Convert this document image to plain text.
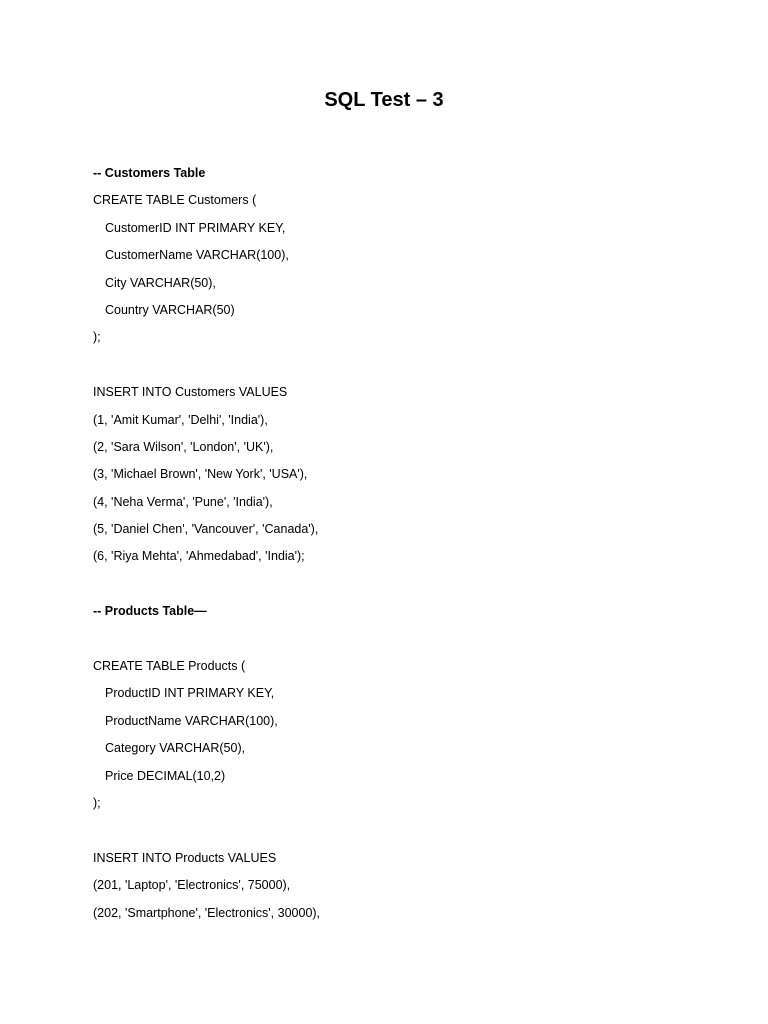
SQL Test – 3
-- Customers Table
CREATE TABLE Customers (
CustomerID INT PRIMARY KEY,
CustomerName VARCHAR(100),
City VARCHAR(50),
Country VARCHAR(50)
);
INSERT INTO Customers VALUES
(1, 'Amit Kumar', 'Delhi', 'India'),
(2, 'Sara Wilson', 'London', 'UK'),
(3, 'Michael Brown', 'New York', 'USA'),
(4, 'Neha Verma', 'Pune', 'India'),
(5, 'Daniel Chen', 'Vancouver', 'Canada'),
(6, 'Riya Mehta', 'Ahmedabad', 'India');
-- Products Table—
CREATE TABLE Products (
ProductID INT PRIMARY KEY,
ProductName VARCHAR(100),
Category VARCHAR(50),
Price DECIMAL(10,2)
);
INSERT INTO Products VALUES
(201, 'Laptop', 'Electronics', 75000),
(202, 'Smartphone', 'Electronics', 30000),
